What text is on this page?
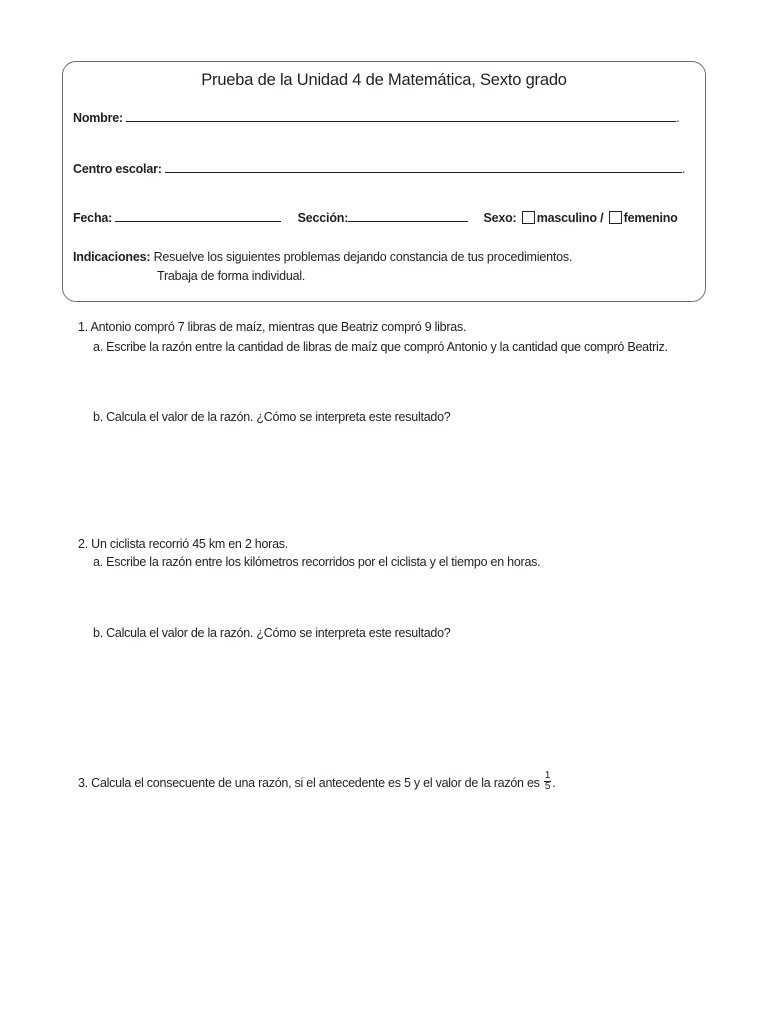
Prueba de la Unidad 4 de Matemática, Sexto grado
Nombre:	.
Centro escolar:	.
Fecha:	Sección:	Sexo: masculino / femenino
Indicaciones: Resuelve los siguientes problemas dejando constancia de tus procedimientos.
Trabaja de forma individual.
1. Antonio compró 7 libras de maíz, mientras que Beatriz compró 9 libras.
a. Escribe la razón entre la cantidad de libras de maíz que compró Antonio y la cantidad que compró Beatriz.
b. Calcula el valor de la razón. ¿Cómo se interpreta este resultado?
2. Un ciclista recorrió 45 km en 2 horas.
a. Escribe la razón entre los kilómetros recorridos por el ciclista y el tiempo en horas.
b. Calcula el valor de la razón. ¿Cómo se interpreta este resultado?
3. Calcula el consecuente de una razón, si el antecedente es 5 y el valor de la razón es $\frac{1}{5}$ .
